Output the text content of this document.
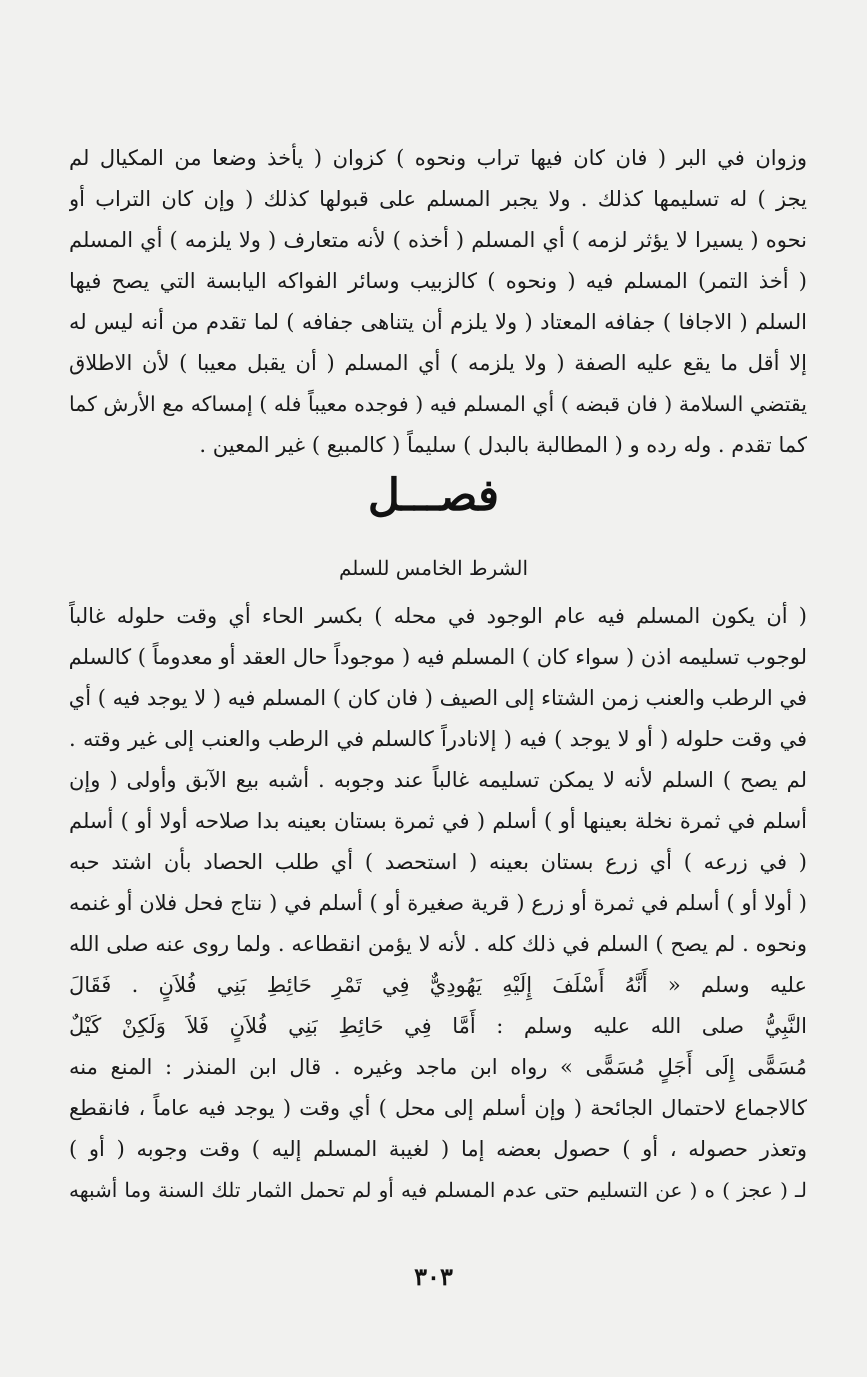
وزوان في البر ( فان كان فيها تراب ونحوه ) كزوان ( يأخذ وضعا من المكيال لم
يجز ) له تسليمها كذلك . ولا يجبر المسلم على قبولها كذلك ( وإن كان التراب أو
نحوه ( يسيرا لا يؤثر لزمه ) أي المسلم ( أخذه ) لأنه متعارف ( ولا يلزمه ) أي المسلم
( أخذ التمر) المسلم فيه ( ونحوه ) كالزبيب وسائر الفواكه اليابسة التي يصح فيها
السلم ( الاجافا ) جفافه المعتاد ( ولا يلزم أن يتناهى جفافه ) لما تقدم من أنه ليس له
إلا أقل ما يقع عليه الصفة ( ولا يلزمه ) أي المسلم ( أن يقبل معيبا ) لأن الاطلاق
يقتضي السلامة ( فان قبضه ) أي المسلم فيه ( فوجده معيباً فله ) إمساكه مع الأرش كما
كما تقدم . وله رده و ( المطالبة بالبدل ) سليماً ( كالمبيع ) غير المعين .
فصـــل
الشرط الخامس للسلم
( أن يكون المسلم فيه عام الوجود في محله ) بكسر الحاء أي وقت حلوله غالباً
لوجوب تسليمه اذن ( سواء كان ) المسلم فيه ( موجوداً حال العقد أو معدوماً ) كالسلم
في الرطب والعنب زمن الشتاء إلى الصيف ( فان كان ) المسلم فيه ( لا يوجد فيه ) أي
في وقت حلوله ( أو لا يوجد ) فيه ( إلانادراً كالسلم في الرطب والعنب إلى غير وقته .
لم يصح ) السلم لأنه لا يمكن تسليمه غالباً عند وجوبه . أشبه بيع الآبق وأولى ( وإن
أسلم في ثمرة نخلة بعينها أو ) أسلم ( في ثمرة بستان بعينه بدا صلاحه أولا أو ) أسلم
( في زرعه ) أي زرع بستان بعينه ( استحصد ) أي طلب الحصاد بأن اشتد حبه
( أولا أو ) أسلم في ثمرة أو زرع ( قرية صغيرة أو ) أسلم في ( نتاج فحل فلان أو غنمه
ونحوه . لم يصح ) السلم في ذلك كله . لأنه لا يؤمن انقطاعه . ولما روى عنه صلى الله
عليه وسلم « أَنَّهُ أَسْلَفَ إِلَيْهِ يَهُودِيٌّ فِي تَمْرِ حَائِطِ بَنِي فُلاَنٍ . فَقَالَ
النَّبِيُّ صلى الله عليه وسلم : أَمَّا فِي حَائِطِ بَنِي فُلاَنٍ فَلاَ وَلَكِنْ كَيْلٌ
مُسَمًّى إِلَى أَجَلٍ مُسَمًّى » رواه ابن ماجد وغيره . قال ابن المنذر : المنع منه
كالاجماع لاحتمال الجائحة ( وإن أسلم إلى محل ) أي وقت ( يوجد فيه عاماً ، فانقطع
وتعذر حصوله ، أو ) حصول بعضه إما ( لغيبة المسلم إليه ) وقت وجوبه ( أو )
لـ ( عجز ) ه ( عن التسليم حتى عدم المسلم فيه أو لم تحمل الثمار تلك السنة وما أشبهه
٣٠٣
